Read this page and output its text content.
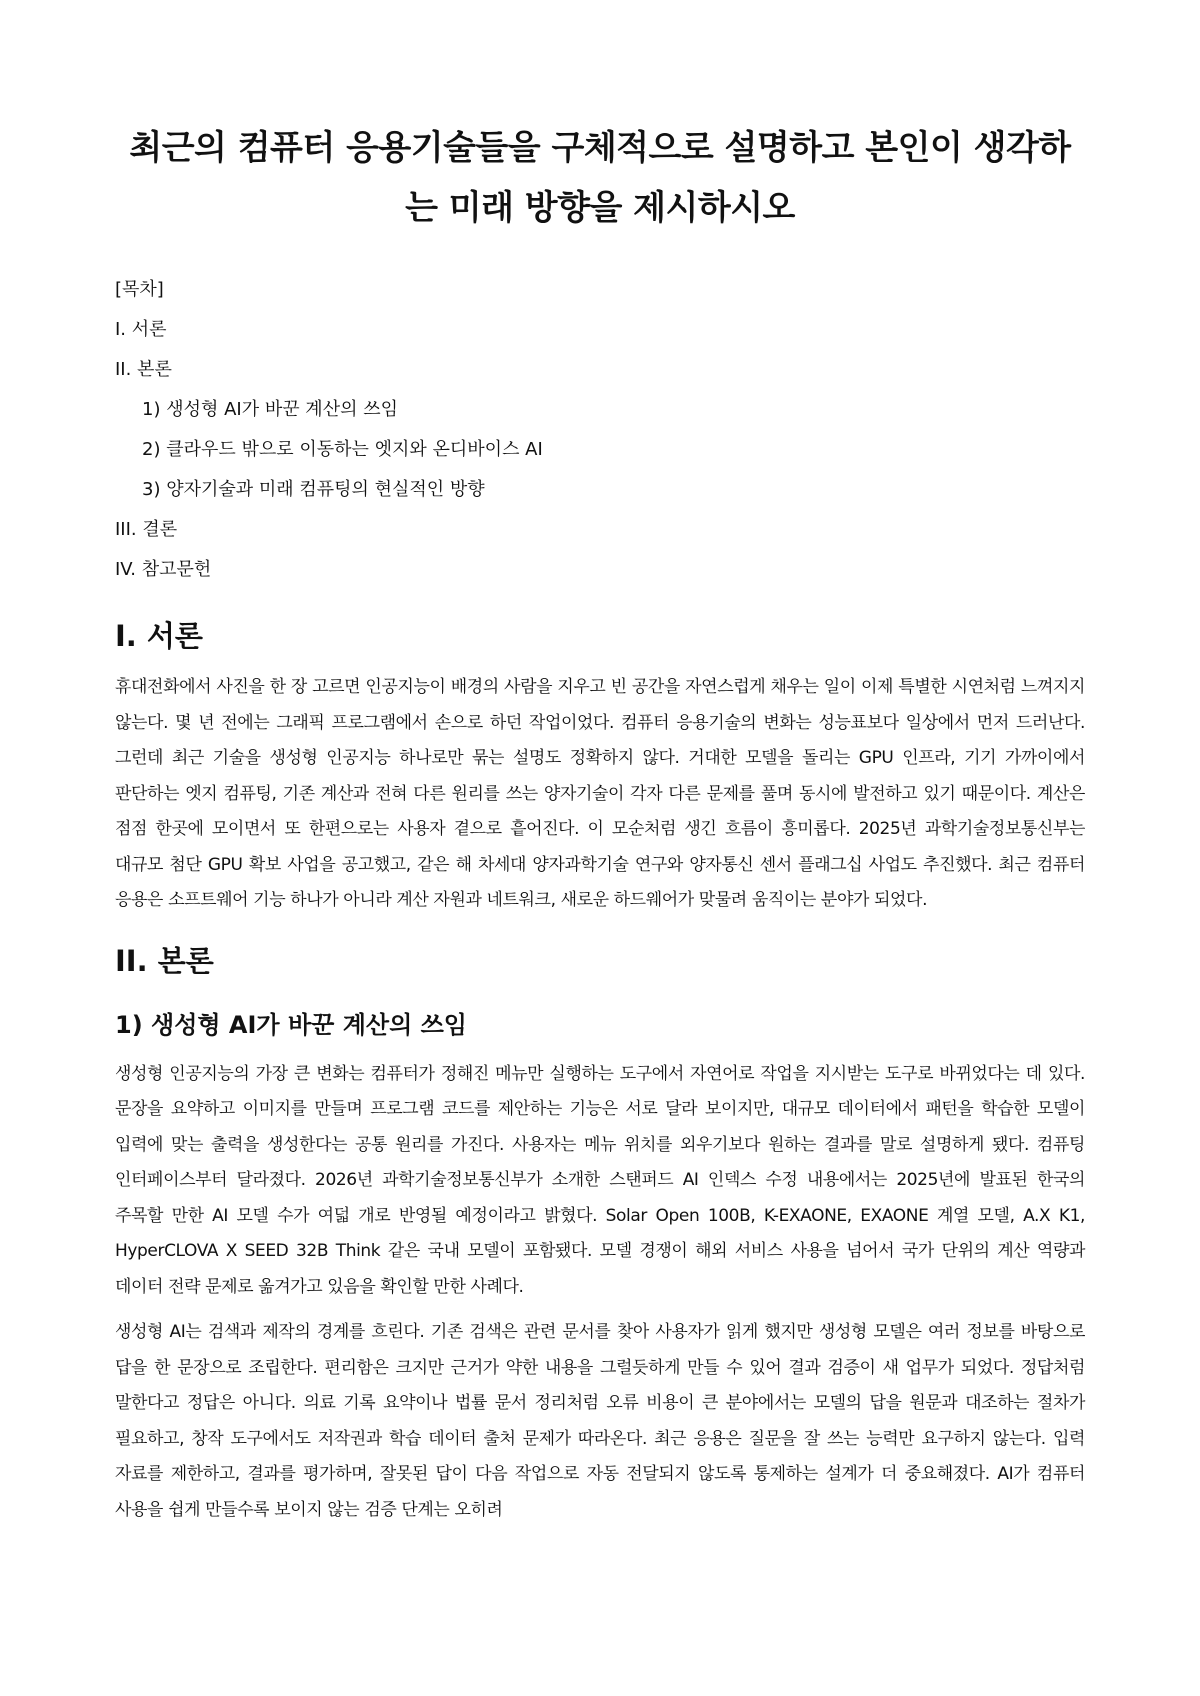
최근의 컴퓨터 응용기술들을 구체적으로 설명하고 본인이 생각하는 미래 방향을 제시하시오
[목차]
I. 서론
II. 본론
1) 생성형 AI가 바꾼 계산의 쓰임
2) 클라우드 밖으로 이동하는 엣지와 온디바이스 AI
3) 양자기술과 미래 컴퓨팅의 현실적인 방향
III. 결론
IV. 참고문헌
I. 서론

휴대전화에서 사진을 한 장 고르면 인공지능이 배경의 사람을 지우고 빈 공간을 자연스럽게 채우는 일이 이제 특별한 시연처럼 느껴지지 않는다. 몇 년 전에는 그래픽 프로그램에서 손으로 하던 작업이었다. 컴퓨터 응용기술의 변화는 성능표보다 일상에서 먼저 드러난다. 그런데 최근 기술을 생성형 인공지능 하나로만 묶는 설명도 정확하지 않다. 거대한 모델을 돌리는 GPU 인프라, 기기 가까이에서 판단하는 엣지 컴퓨팅, 기존 계산과 전혀 다른 원리를 쓰는 양자기술이 각자 다른 문제를 풀며 동시에 발전하고 있기 때문이다. 계산은 점점 한곳에 모이면서 또 한편으로는 사용자 곁으로 흩어진다. 이 모순처럼 생긴 흐름이 흥미롭다. 2025년 과학기술정보통신부는 대규모 첨단 GPU 확보 사업을 공고했고, 같은 해 차세대 양자과학기술 연구와 양자통신 센서 플래그십 사업도 추진했다. 최근 컴퓨터 응용은 소프트웨어 기능 하나가 아니라 계산 자원과 네트워크, 새로운 하드웨어가 맞물려 움직이는 분야가 되었다.

II. 본론
1) 생성형 AI가 바꾼 계산의 쓰임

생성형 인공지능의 가장 큰 변화는 컴퓨터가 정해진 메뉴만 실행하는 도구에서 자연어로 작업을 지시받는 도구로 바뀌었다는 데 있다. 문장을 요약하고 이미지를 만들며 프로그램 코드를 제안하는 기능은 서로 달라 보이지만, 대규모 데이터에서 패턴을 학습한 모델이 입력에 맞는 출력을 생성한다는 공통 원리를 가진다. 사용자는 메뉴 위치를 외우기보다 원하는 결과를 말로 설명하게 됐다. 컴퓨팅 인터페이스부터 달라졌다. 2026년 과학기술정보통신부가 소개한 스탠퍼드 AI 인덱스 수정 내용에서는 2025년에 발표된 한국의 주목할 만한 AI 모델 수가 여덟 개로 반영될 예정이라고 밝혔다. Solar Open 100B, K-EXAONE, EXAONE 계열 모델, A.X K1, HyperCLOVA X SEED 32B Think 같은 국내 모델이 포함됐다. 모델 경쟁이 해외 서비스 사용을 넘어서 국가 단위의 계산 역량과 데이터 전략 문제로 옮겨가고 있음을 확인할 만한 사례다.

생성형 AI는 검색과 제작의 경계를 흐린다. 기존 검색은 관련 문서를 찾아 사용자가 읽게 했지만 생성형 모델은 여러 정보를 바탕으로 답을 한 문장으로 조립한다. 편리함은 크지만 근거가 약한 내용을 그럴듯하게 만들 수 있어 결과 검증이 새 업무가 되었다. 정답처럼 말한다고 정답은 아니다. 의료 기록 요약이나 법률 문서 정리처럼 오류 비용이 큰 분야에서는 모델의 답을 원문과 대조하는 절차가 필요하고, 창작 도구에서도 저작권과 학습 데이터 출처 문제가 따라온다. 최근 응용은 질문을 잘 쓰는 능력만 요구하지 않는다. 입력 자료를 제한하고, 결과를 평가하며, 잘못된 답이 다음 작업으로 자동 전달되지 않도록 통제하는 설계가 더 중요해졌다. AI가 컴퓨터 사용을 쉽게 만들수록 보이지 않는 검증 단계는 오히려
